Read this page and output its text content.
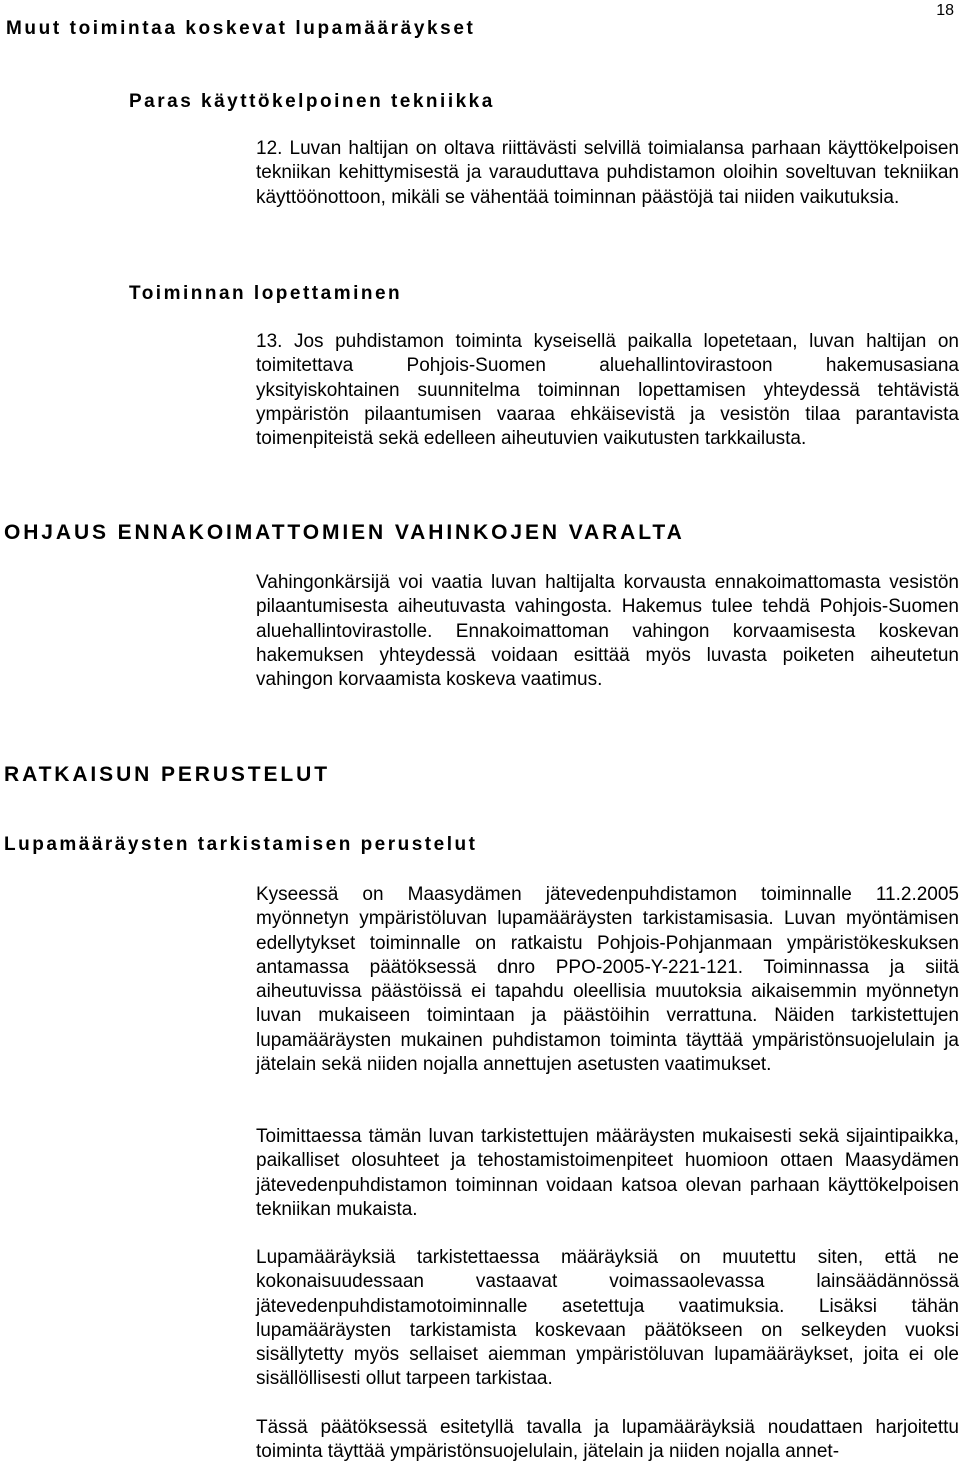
Muut toimintaa koskevat lupamääräykset
18
Paras käyttökelpoinen tekniikka

12. Luvan haltijan on oltava riittävästi selvillä toimialansa parhaan käyttökelpoisen tekniikan kehittymisestä ja varauduttava puhdistamon oloihin soveltuvan tekniikan käyttöönottoon, mikäli se vähentää toiminnan päästöjä tai niiden vaikutuksia.

Toiminnan lopettaminen

13. Jos puhdistamon toiminta kyseisellä paikalla lopetetaan, luvan haltijan on toimitettava Pohjois-Suomen aluehallintovirastoon hakemusasiana yksityiskohtainen suunnitelma toiminnan lopettamisen yhteydessä tehtävistä ympäristön pilaantumisen vaaraa ehkäisevistä ja vesistön tilaa parantavista toimenpiteistä sekä edelleen aiheutuvien vaikutusten tarkkailusta.

OHJAUS ENNAKOIMATTOMIEN VAHINKOJEN VARALTA

Vahingonkärsijä voi vaatia luvan haltijalta korvausta ennakoimattomasta vesistön pilaantumisesta aiheutuvasta vahingosta. Hakemus tulee tehdä Pohjois-Suomen aluehallintovirastolle. Ennakoimattoman vahingon korvaamisesta koskevan hakemuksen yhteydessä voidaan esittää myös luvasta poiketen aiheutetun vahingon korvaamista koskeva vaatimus.

RATKAISUN PERUSTELUT
Lupamääräysten tarkistamisen perustelut

Kyseessä on Maasydämen jätevedenpuhdistamon toiminnalle 11.2.2005 myönnetyn ympäristöluvan lupamääräysten tarkistamisasia. Luvan myöntämisen edellytykset toiminnalle on ratkaistu Pohjois-Pohjanmaan ympäristökeskuksen antamassa päätöksessä dnro PPO-2005-Y-221-121. Toiminnassa ja siitä aiheutuvissa päästöissä ei tapahdu oleellisia muutoksia aikaisemmin myönnetyn luvan mukaiseen toimintaan ja päästöihin verrattuna. Näiden tarkistettujen lupamääräysten mukainen puhdistamon toiminta täyttää ympäristönsuojelulain ja jätelain sekä niiden nojalla annettujen asetusten vaatimukset.

Toimittaessa tämän luvan tarkistettujen määräysten mukaisesti sekä sijaintipaikka, paikalliset olosuhteet ja tehostamistoimenpiteet huomioon ottaen Maasydämen jätevedenpuhdistamon toiminnan voidaan katsoa olevan parhaan käyttökelpoisen tekniikan mukaista.

Lupamääräyksiä tarkistettaessa määräyksiä on muutettu siten, että ne kokonaisuudessaan vastaavat voimassaolevassa lainsäädännössä jätevedenpuhdistamotoiminnalle asetettuja vaatimuksia. Lisäksi tähän lupamääräysten tarkistamista koskevaan päätökseen on selkeyden vuoksi sisällytetty myös sellaiset aiemman ympäristöluvan lupamääräykset, joita ei ole sisällöllisesti ollut tarpeen tarkistaa.

Tässä päätöksessä esitetyllä tavalla ja lupamääräyksiä noudattaen harjoitettu toiminta täyttää ympäristönsuojelulain, jätelain ja niiden nojalla annet-
